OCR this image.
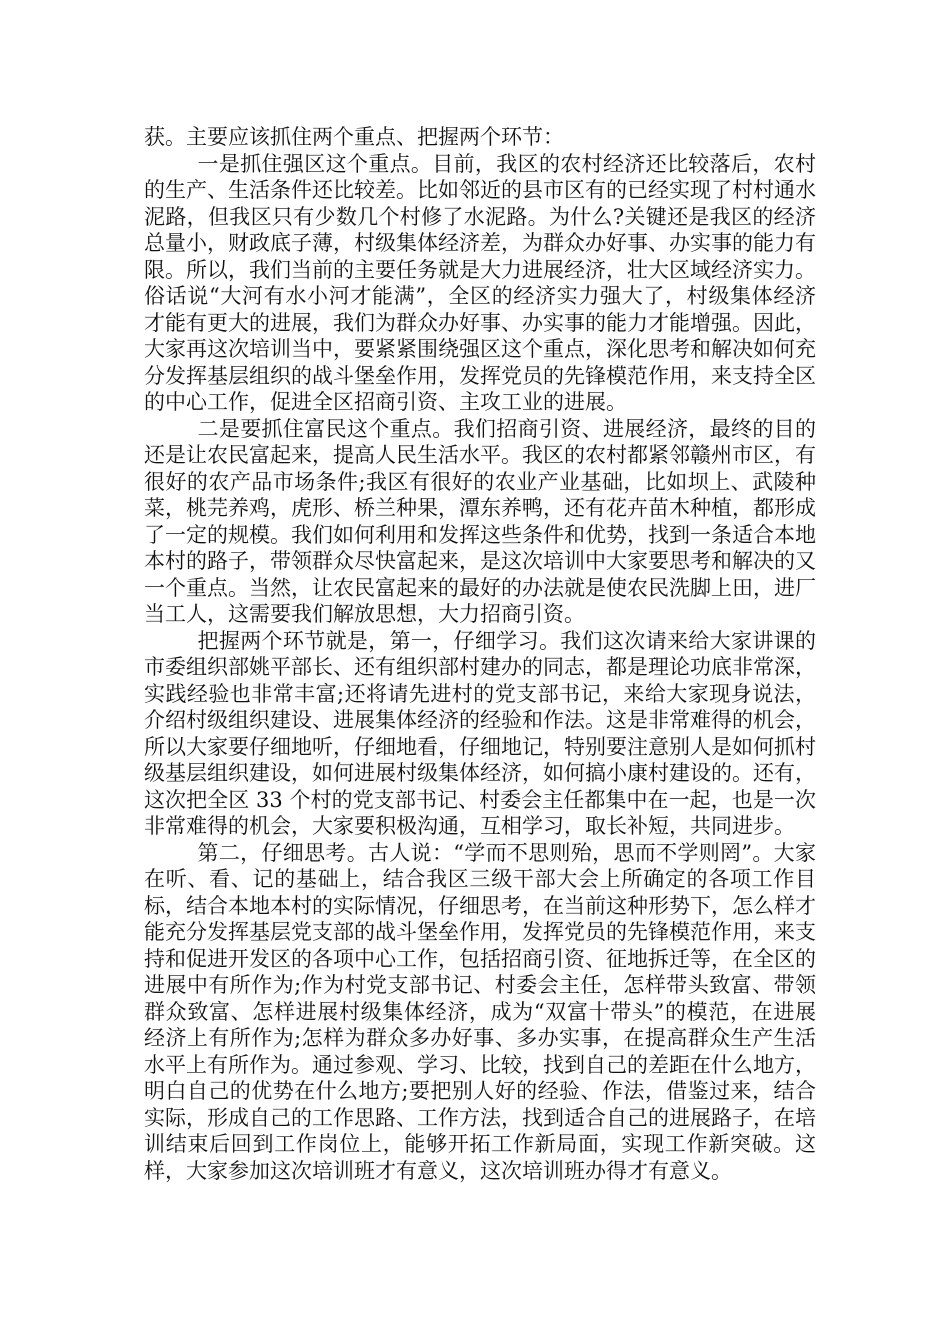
获。主要应该抓住两个重点、把握两个环节：

一是抓住强区这个重点。目前，我区的农村经济还比较落后，农村的生产、生活条件还比较差。比如邻近的县市区有的已经实现了村村通水泥路，但我区只有少数几个村修了水泥路。为什么?关键还是我区的经济总量小，财政底子薄，村级集体经济差，为群众办好事、办实事的能力有限。所以，我们当前的主要任务就是大力进展经济，壮大区域经济实力。俗话说“大河有水小河才能满”，全区的经济实力强大了，村级集体经济才能有更大的进展，我们为群众办好事、办实事的能力才能增强。因此，大家再这次培训当中，要紧紧围绕强区这个重点，深化思考和解决如何充分发挥基层组织的战斗堡垒作用，发挥党员的先锋模范作用，来支持全区的中心工作，促进全区招商引资、主攻工业的进展。

二是要抓住富民这个重点。我们招商引资、进展经济，最终的目的还是让农民富起来，提高人民生活水平。我区的农村都紧邻赣州市区，有很好的农产品市场条件;我区有很好的农业产业基础，比如坝上、武陵种菜，桃芫养鸡，虎形、桥兰种果，潭东养鸭，还有花卉苗木种植，都形成了一定的规模。我们如何利用和发挥这些条件和优势，找到一条适合本地本村的路子，带领群众尽快富起来，是这次培训中大家要思考和解决的又一个重点。当然，让农民富起来的最好的办法就是使农民洗脚上田，进厂当工人，这需要我们解放思想，大力招商引资。

把握两个环节就是，第一，仔细学习。我们这次请来给大家讲课的市委组织部姚平部长、还有组织部村建办的同志，都是理论功底非常深，实践经验也非常丰富;还将请先进村的党支部书记，来给大家现身说法，介绍村级组织建设、进展集体经济的经验和作法。这是非常难得的机会，所以大家要仔细地听，仔细地看，仔细地记，特别要注意别人是如何抓村级基层组织建设，如何进展村级集体经济，如何搞小康村建设的。还有，这次把全区 33 个村的党支部书记、村委会主任都集中在一起，也是一次非常难得的机会，大家要积极沟通，互相学习，取长补短，共同进步。

第二，仔细思考。古人说：“学而不思则殆，思而不学则罔”。大家在听、看、记的基础上，结合我区三级干部大会上所确定的各项工作目标，结合本地本村的实际情况，仔细思考，在当前这种形势下，怎么样才能充分发挥基层党支部的战斗堡垒作用，发挥党员的先锋模范作用，来支持和促进开发区的各项中心工作，包括招商引资、征地拆迁等，在全区的进展中有所作为;作为村党支部书记、村委会主任，怎样带头致富、带领群众致富、怎样进展村级集体经济，成为“双富十带头”的模范，在进展经济上有所作为;怎样为群众多办好事、多办实事，在提高群众生产生活水平上有所作为。通过参观、学习、比较，找到自己的差距在什么地方，明白自己的优势在什么地方;要把别人好的经验、作法，借鉴过来，结合实际，形成自己的工作思路、工作方法，找到适合自己的进展路子，在培训结束后回到工作岗位上，能够开拓工作新局面，实现工作新突破。这样，大家参加这次培训班才有意义，这次培训班办得才有意义。
